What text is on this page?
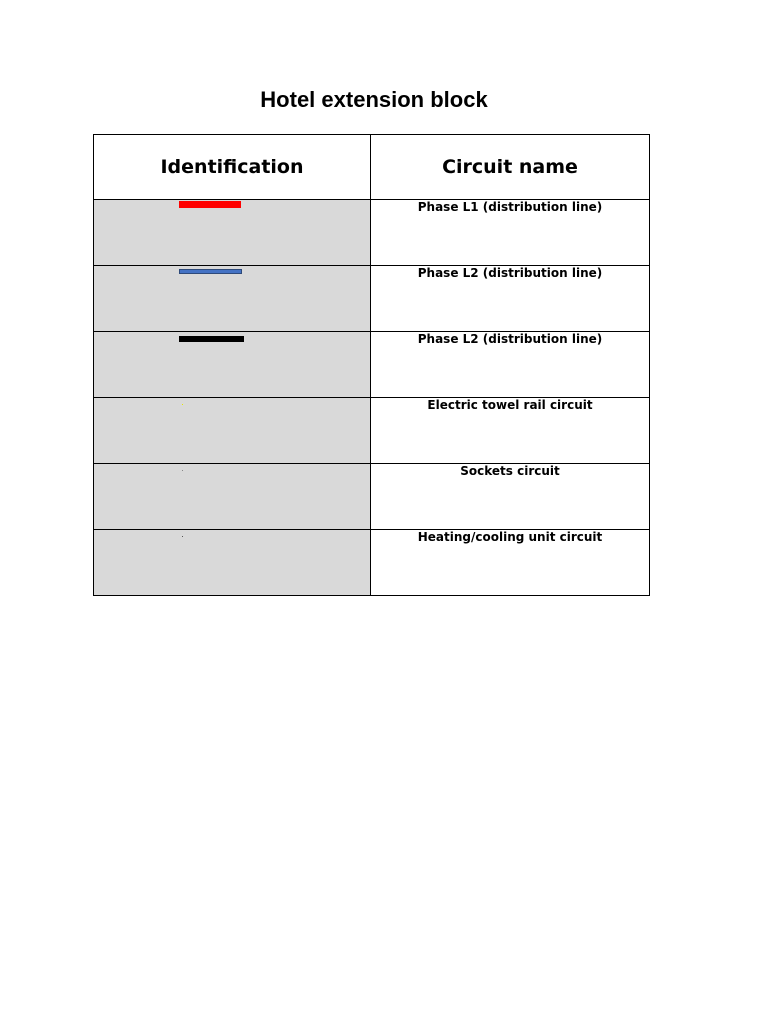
Hotel extension block
Identification	Circuit name

	Phase L1 (distribution line)

	Phase L2 (distribution line)

	Phase L2 (distribution line)

	Electric towel rail circuit

	Sockets circuit

	Heating/cooling unit circuit
